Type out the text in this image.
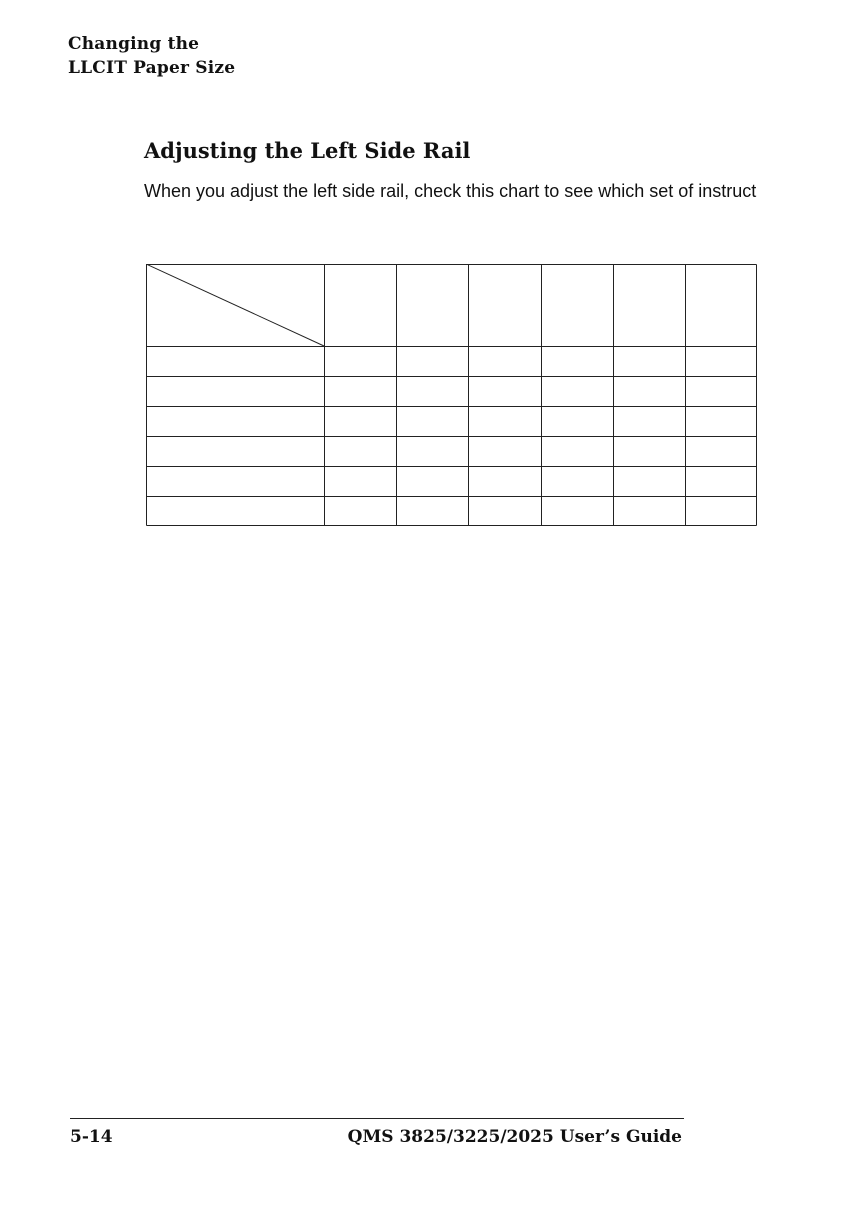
Changing the
LLCIT Paper Size
Adjusting the Left Side Rail
When you adjust the left side rail, check this chart to see which set of instruct
5-14	QMS 3825/3225/2025 User’s Guide
